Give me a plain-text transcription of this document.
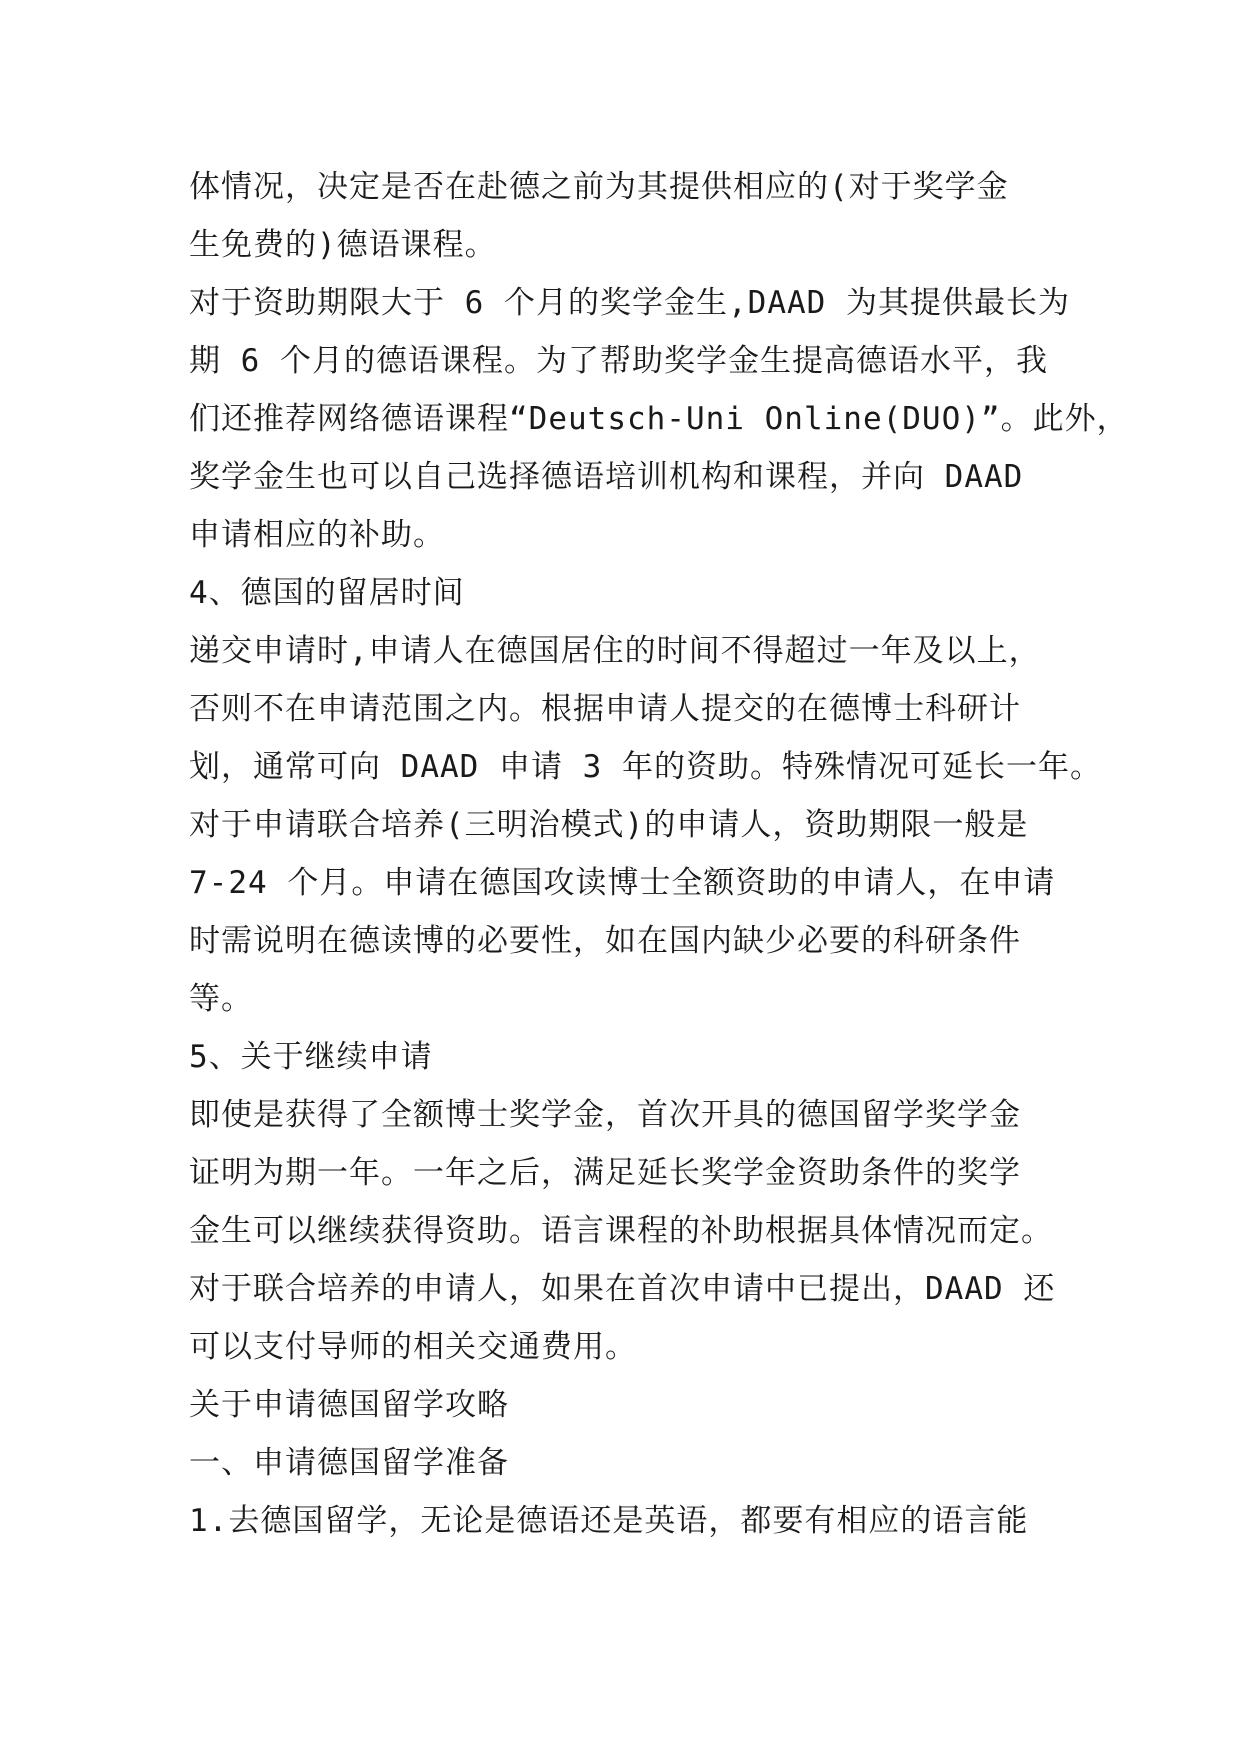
体情况，决定是否在赴德之前为其提供相应的(对于奖学金
生免费的)德语课程。
对于资助期限大于 6 个月的奖学金生,DAAD 为其提供最长为
期 6 个月的德语课程。为了帮助奖学金生提高德语水平，我
们还推荐网络德语课程“Deutsch-Uni Online(DUO)”。此外，
奖学金生也可以自己选择德语培训机构和课程，并向 DAAD
申请相应的补助。
4、德国的留居时间
递交申请时,申请人在德国居住的时间不得超过一年及以上，
否则不在申请范围之内。根据申请人提交的在德博士科研计
划，通常可向 DAAD 申请 3 年的资助。特殊情况可延长一年。
对于申请联合培养(三明治模式)的申请人，资助期限一般是
7-24 个月。申请在德国攻读博士全额资助的申请人，在申请
时需说明在德读博的必要性，如在国内缺少必要的科研条件
等。
5、关于继续申请
即使是获得了全额博士奖学金，首次开具的德国留学奖学金
证明为期一年。一年之后，满足延长奖学金资助条件的奖学
金生可以继续获得资助。语言课程的补助根据具体情况而定。
对于联合培养的申请人，如果在首次申请中已提出，DAAD 还
可以支付导师的相关交通费用。
关于申请德国留学攻略
一、申请德国留学准备
1.去德国留学，无论是德语还是英语，都要有相应的语言能
